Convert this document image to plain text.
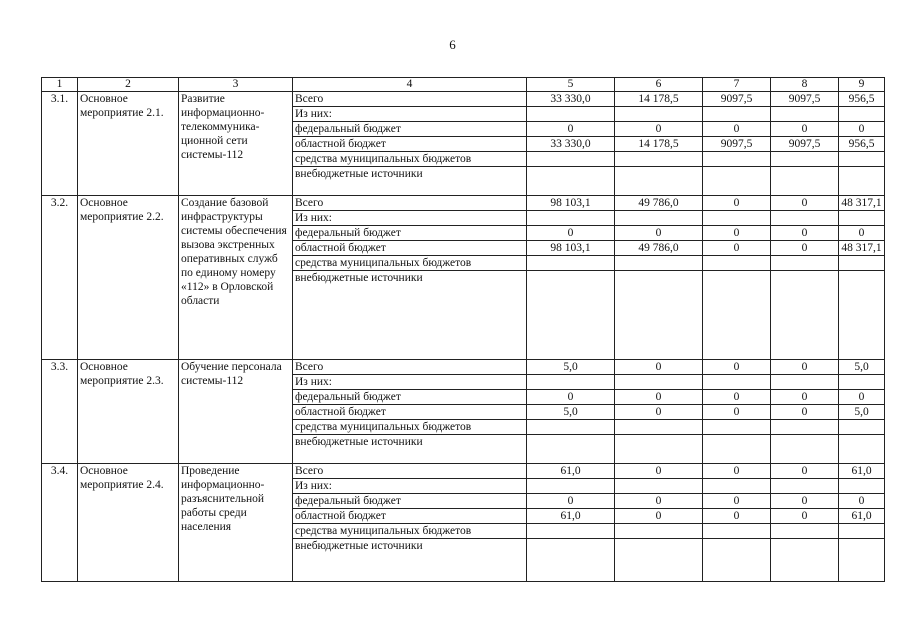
6
1	2	3	4	5	6	7	8	9
3.1.	Основное мероприятие 2.1.	Развитие информационно-телекоммуника-ционной сети системы-112	Всего	33 330,0	14 178,5	9097,5	9097,5	956,5
			Из них:					
			федеральный бюджет	0	0	0	0	0
			областной бюджет	33 330,0	14 178,5	9097,5	9097,5	956,5
			средства муниципальных бюджетов					
			внебюджетные источники					
3.2.	Основное мероприятие 2.2.	Создание базовой инфраструктуры системы обеспечения вызова экстренных оперативных служб по единому номеру «112» в Орловской области	Всего	98 103,1	49 786,0	0	0	48 317,1
			Из них:					
			федеральный бюджет	0	0	0	0	0
			областной бюджет	98 103,1	49 786,0	0	0	48 317,1
			средства муниципальных бюджетов					
			внебюджетные источники					
3.3.	Основное мероприятие 2.3.	Обучение персонала системы-112	Всего	5,0	0	0	0	5,0
			Из них:					
			федеральный бюджет	0	0	0	0	0
			областной бюджет	5,0	0	0	0	5,0
			средства муниципальных бюджетов					
			внебюджетные источники					
3.4.	Основное мероприятие 2.4.	Проведение информационно-разъяснительной работы среди населения	Всего	61,0	0	0	0	61,0
			Из них:					
			федеральный бюджет	0	0	0	0	0
			областной бюджет	61,0	0	0	0	61,0
			средства муниципальных бюджетов					
			внебюджетные источники					
